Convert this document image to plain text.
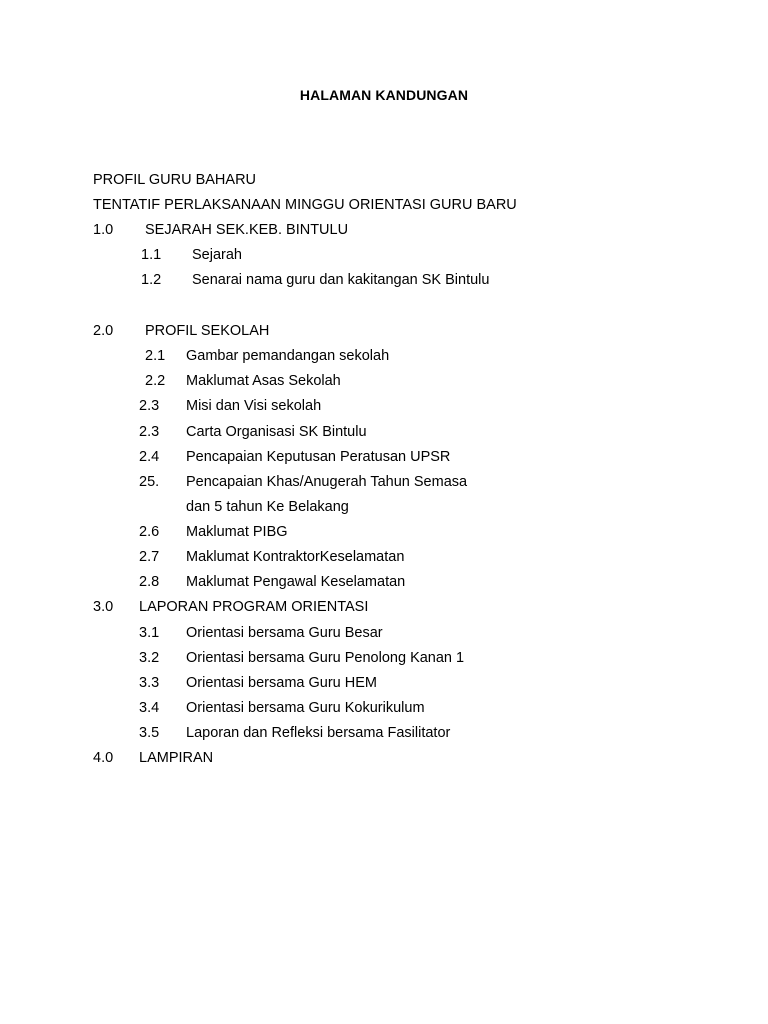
HALAMAN KANDUNGAN
PROFIL GURU BAHARU
TENTATIF PERLAKSANAAN MINGGU ORIENTASI GURU BARU
1.0 SEJARAH SEK.KEB. BINTULU
1.1 Sejarah
1.2 Senarai nama guru dan kakitangan SK Bintulu
2.0 PROFIL SEKOLAH
2.1 Gambar pemandangan sekolah
2.2 Maklumat Asas Sekolah
2.3 Misi dan Visi sekolah
2.3 Carta Organisasi SK Bintulu
2.4 Pencapaian Keputusan Peratusan UPSR
25. Pencapaian Khas/Anugerah Tahun Semasa
dan 5 tahun Ke Belakang
2.6 Maklumat PIBG
2.7 Maklumat KontraktorKeselamatan
2.8 Maklumat Pengawal Keselamatan
3.0 LAPORAN PROGRAM ORIENTASI
3.1 Orientasi bersama Guru Besar
3.2 Orientasi bersama Guru Penolong Kanan 1
3.3 Orientasi bersama Guru HEM
3.4 Orientasi bersama Guru Kokurikulum
3.5 Laporan dan Refleksi bersama Fasilitator
4.0 LAMPIRAN
